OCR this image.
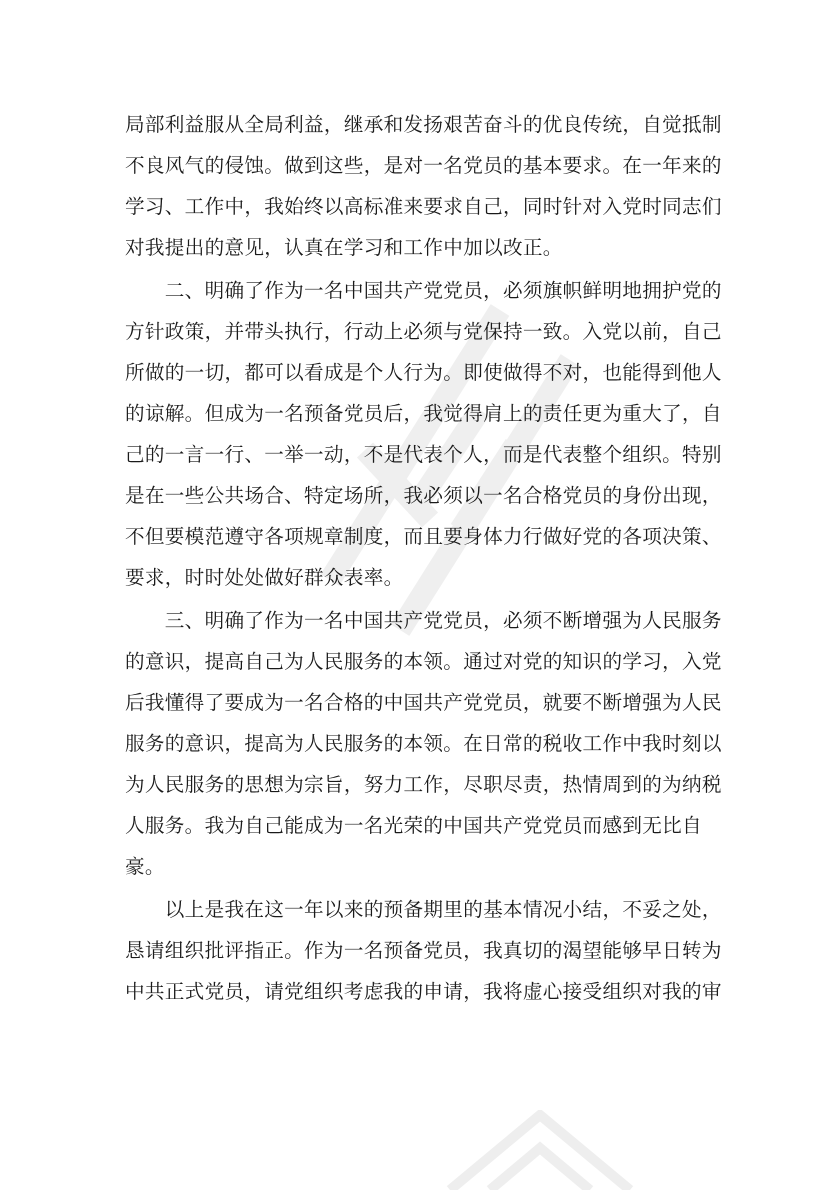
局部利益服从全局利益，继承和发扬艰苦奋斗的优良传统，自觉抵制
不良风气的侵蚀。做到这些，是对一名党员的基本要求。在一年来的
学习、工作中，我始终以高标准来要求自己，同时针对入党时同志们
对我提出的意见，认真在学习和工作中加以改正。
　　二、明确了作为一名中国共产党党员，必须旗帜鲜明地拥护党的
方针政策，并带头执行，行动上必须与党保持一致。入党以前，自己
所做的一切，都可以看成是个人行为。即使做得不对，也能得到他人
的谅解。但成为一名预备党员后，我觉得肩上的责任更为重大了，自
己的一言一行、一举一动，不是代表个人，而是代表整个组织。特别
是在一些公共场合、特定场所，我必须以一名合格党员的身份出现，
不但要模范遵守各项规章制度，而且要身体力行做好党的各项决策、
要求，时时处处做好群众表率。
　　三、明确了作为一名中国共产党党员，必须不断增强为人民服务
的意识，提高自己为人民服务的本领。通过对党的知识的学习，入党
后我懂得了要成为一名合格的中国共产党党员，就要不断增强为人民
服务的意识，提高为人民服务的本领。在日常的税收工作中我时刻以
为人民服务的思想为宗旨，努力工作，尽职尽责，热情周到的为纳税
人服务。我为自己能成为一名光荣的中国共产党党员而感到无比自
豪。
　　以上是我在这一年以来的预备期里的基本情况小结，不妥之处，
恳请组织批评指正。作为一名预备党员，我真切的渴望能够早日转为
中共正式党员，请党组织考虑我的申请，我将虚心接受组织对我的审
